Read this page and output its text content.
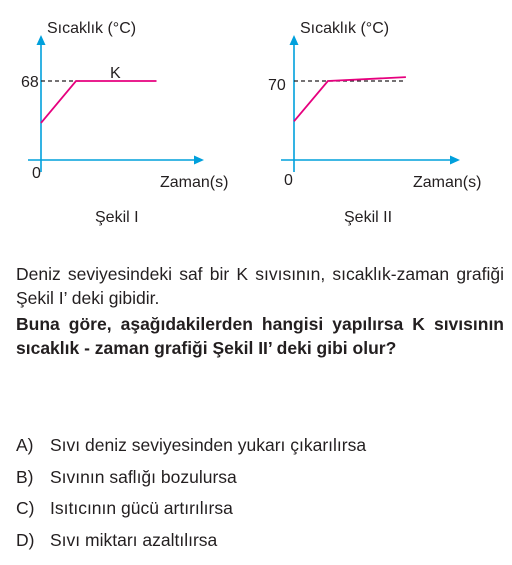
Sıcaklık (°C)
68
K
0
Zaman(s)
Şekil I
Sıcaklık (°C)
70
0	Zaman(s)
Şekil II

Deniz seviyesindeki saf bir K sıvısının, sıcaklık-zaman grafiği Şekil I’ deki gibidir.

Buna göre, aşağıdakilerden hangisi yapılırsa K sıvısının sıcaklık - zaman grafiği Şekil II’ deki gibi olur?

A) Sıvı deniz seviyesinden yukarı çıkarılırsa
B) Sıvının saflığı bozulursa
C) Isıtıcının gücü artırılırsa
D) Sıvı miktarı azaltılırsa
